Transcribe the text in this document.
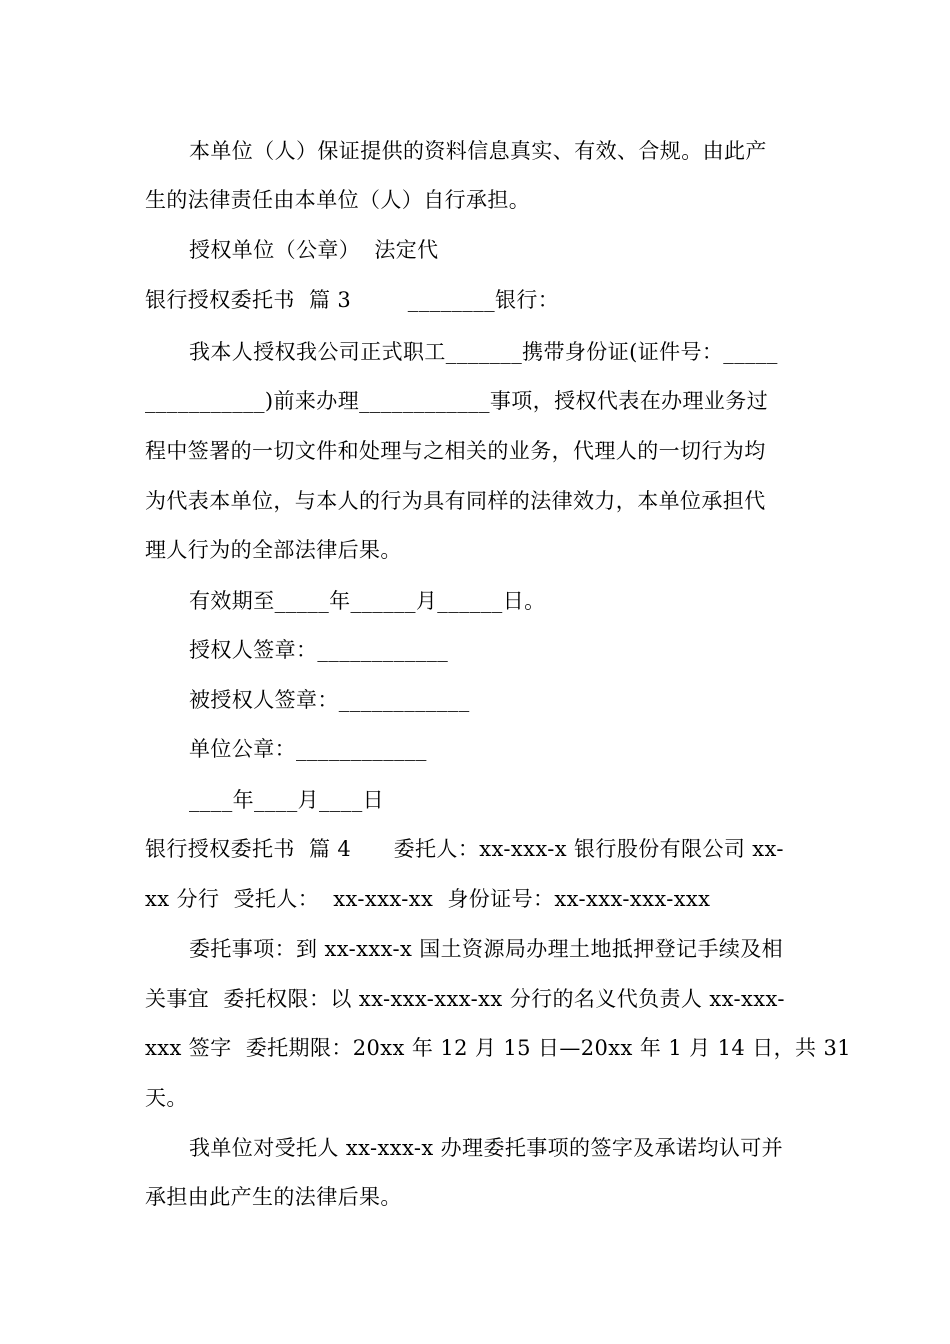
本单位（人）保证提供的资料信息真实、有效、合规。由此产
生的法律责任由本单位（人）自行承担。
授权单位（公章）  法定代
银行授权委托书  篇 3        ________银行：
我本人授权我公司正式职工_______携带身份证(证件号：_____
___________)前来办理____________事项，授权代表在办理业务过
程中签署的一切文件和处理与之相关的业务，代理人的一切行为均
为代表本单位，与本人的行为具有同样的法律效力，本单位承担代
理人行为的全部法律后果。
有效期至_____年______月______日。
授权人签章：____________
被授权人签章：____________
单位公章：____________
____年____月____日
银行授权委托书  篇 4      委托人：xx-xxx-x 银行股份有限公司 xx-
xx 分行  受托人：  xx-xxx-xx  身份证号：xx-xxx-xxx-xxx
委托事项：到 xx-xxx-x 国土资源局办理土地抵押登记手续及相
关事宜  委托权限：以 xx-xxx-xxx-xx 分行的名义代负责人 xx-xxx-
xxx 签字  委托期限：20xx 年 12 月 15 日—20xx 年 1 月 14 日，共 31
天。
我单位对受托人 xx-xxx-x 办理委托事项的签字及承诺均认可并
承担由此产生的法律后果。
